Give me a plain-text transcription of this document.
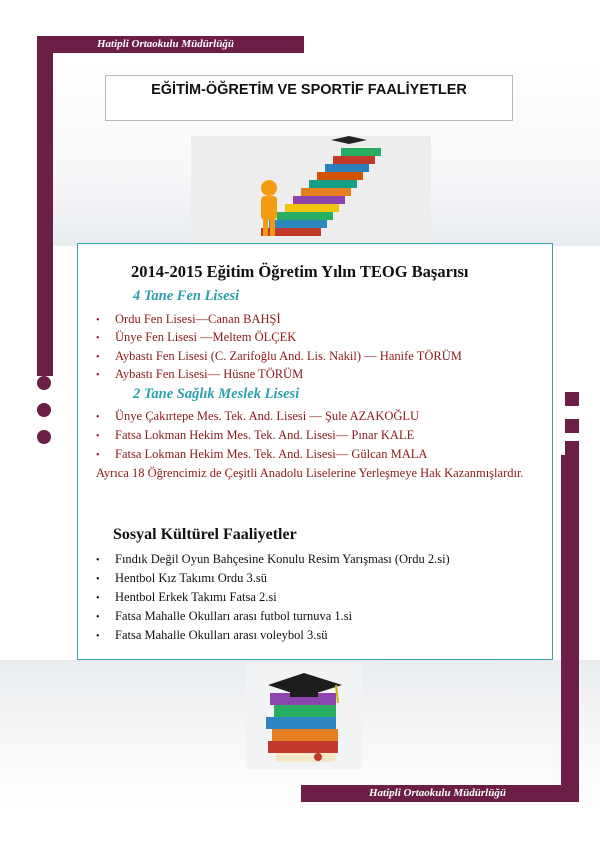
Hatipli Ortaokulu Müdürlüğü
Hatipli Ortaokulu Müdürlüğü
EĞİTİM-ÖĞRETİM VE SPORTİF FAALİYETLER
2014-2015 Eğitim Öğretim Yılın TEOG Başarısı
4 Tane Fen Lisesi
• Ordu Fen Lisesi—Canan BAHŞİ
• Ünye Fen Lisesi —Meltem ÖLÇEK
• Aybastı Fen Lisesi (C. Zarifoğlu And. Lis. Nakil) — Hanife TÖRÜM
• Aybastı Fen Lisesi— Hüsne TÖRÜM
2 Tane Sağlık Meslek Lisesi
• Ünye Çakırtepe Mes. Tek. And. Lisesi — Şule AZAKOĞLU
• Fatsa Lokman Hekim Mes. Tek. And. Lisesi— Pınar KALE
• Fatsa Lokman Hekim Mes. Tek. And. Lisesi— Gülcan MALA
Ayrıca 18 Öğrencimiz de Çeşitli Anadolu Liselerine Yerleşmeye Hak Kazanmışlardır.
Sosyal Kültürel Faaliyetler
• Fındık Değil Oyun Bahçesine Konulu Resim Yarışması (Ordu 2.si)
• Hentbol Kız Takımı Ordu 3.sü
• Hentbol Erkek Takımı Fatsa 2.si
• Fatsa Mahalle Okulları arası futbol turnuva 1.si
• Fatsa Mahalle Okulları arası voleybol 3.sü
